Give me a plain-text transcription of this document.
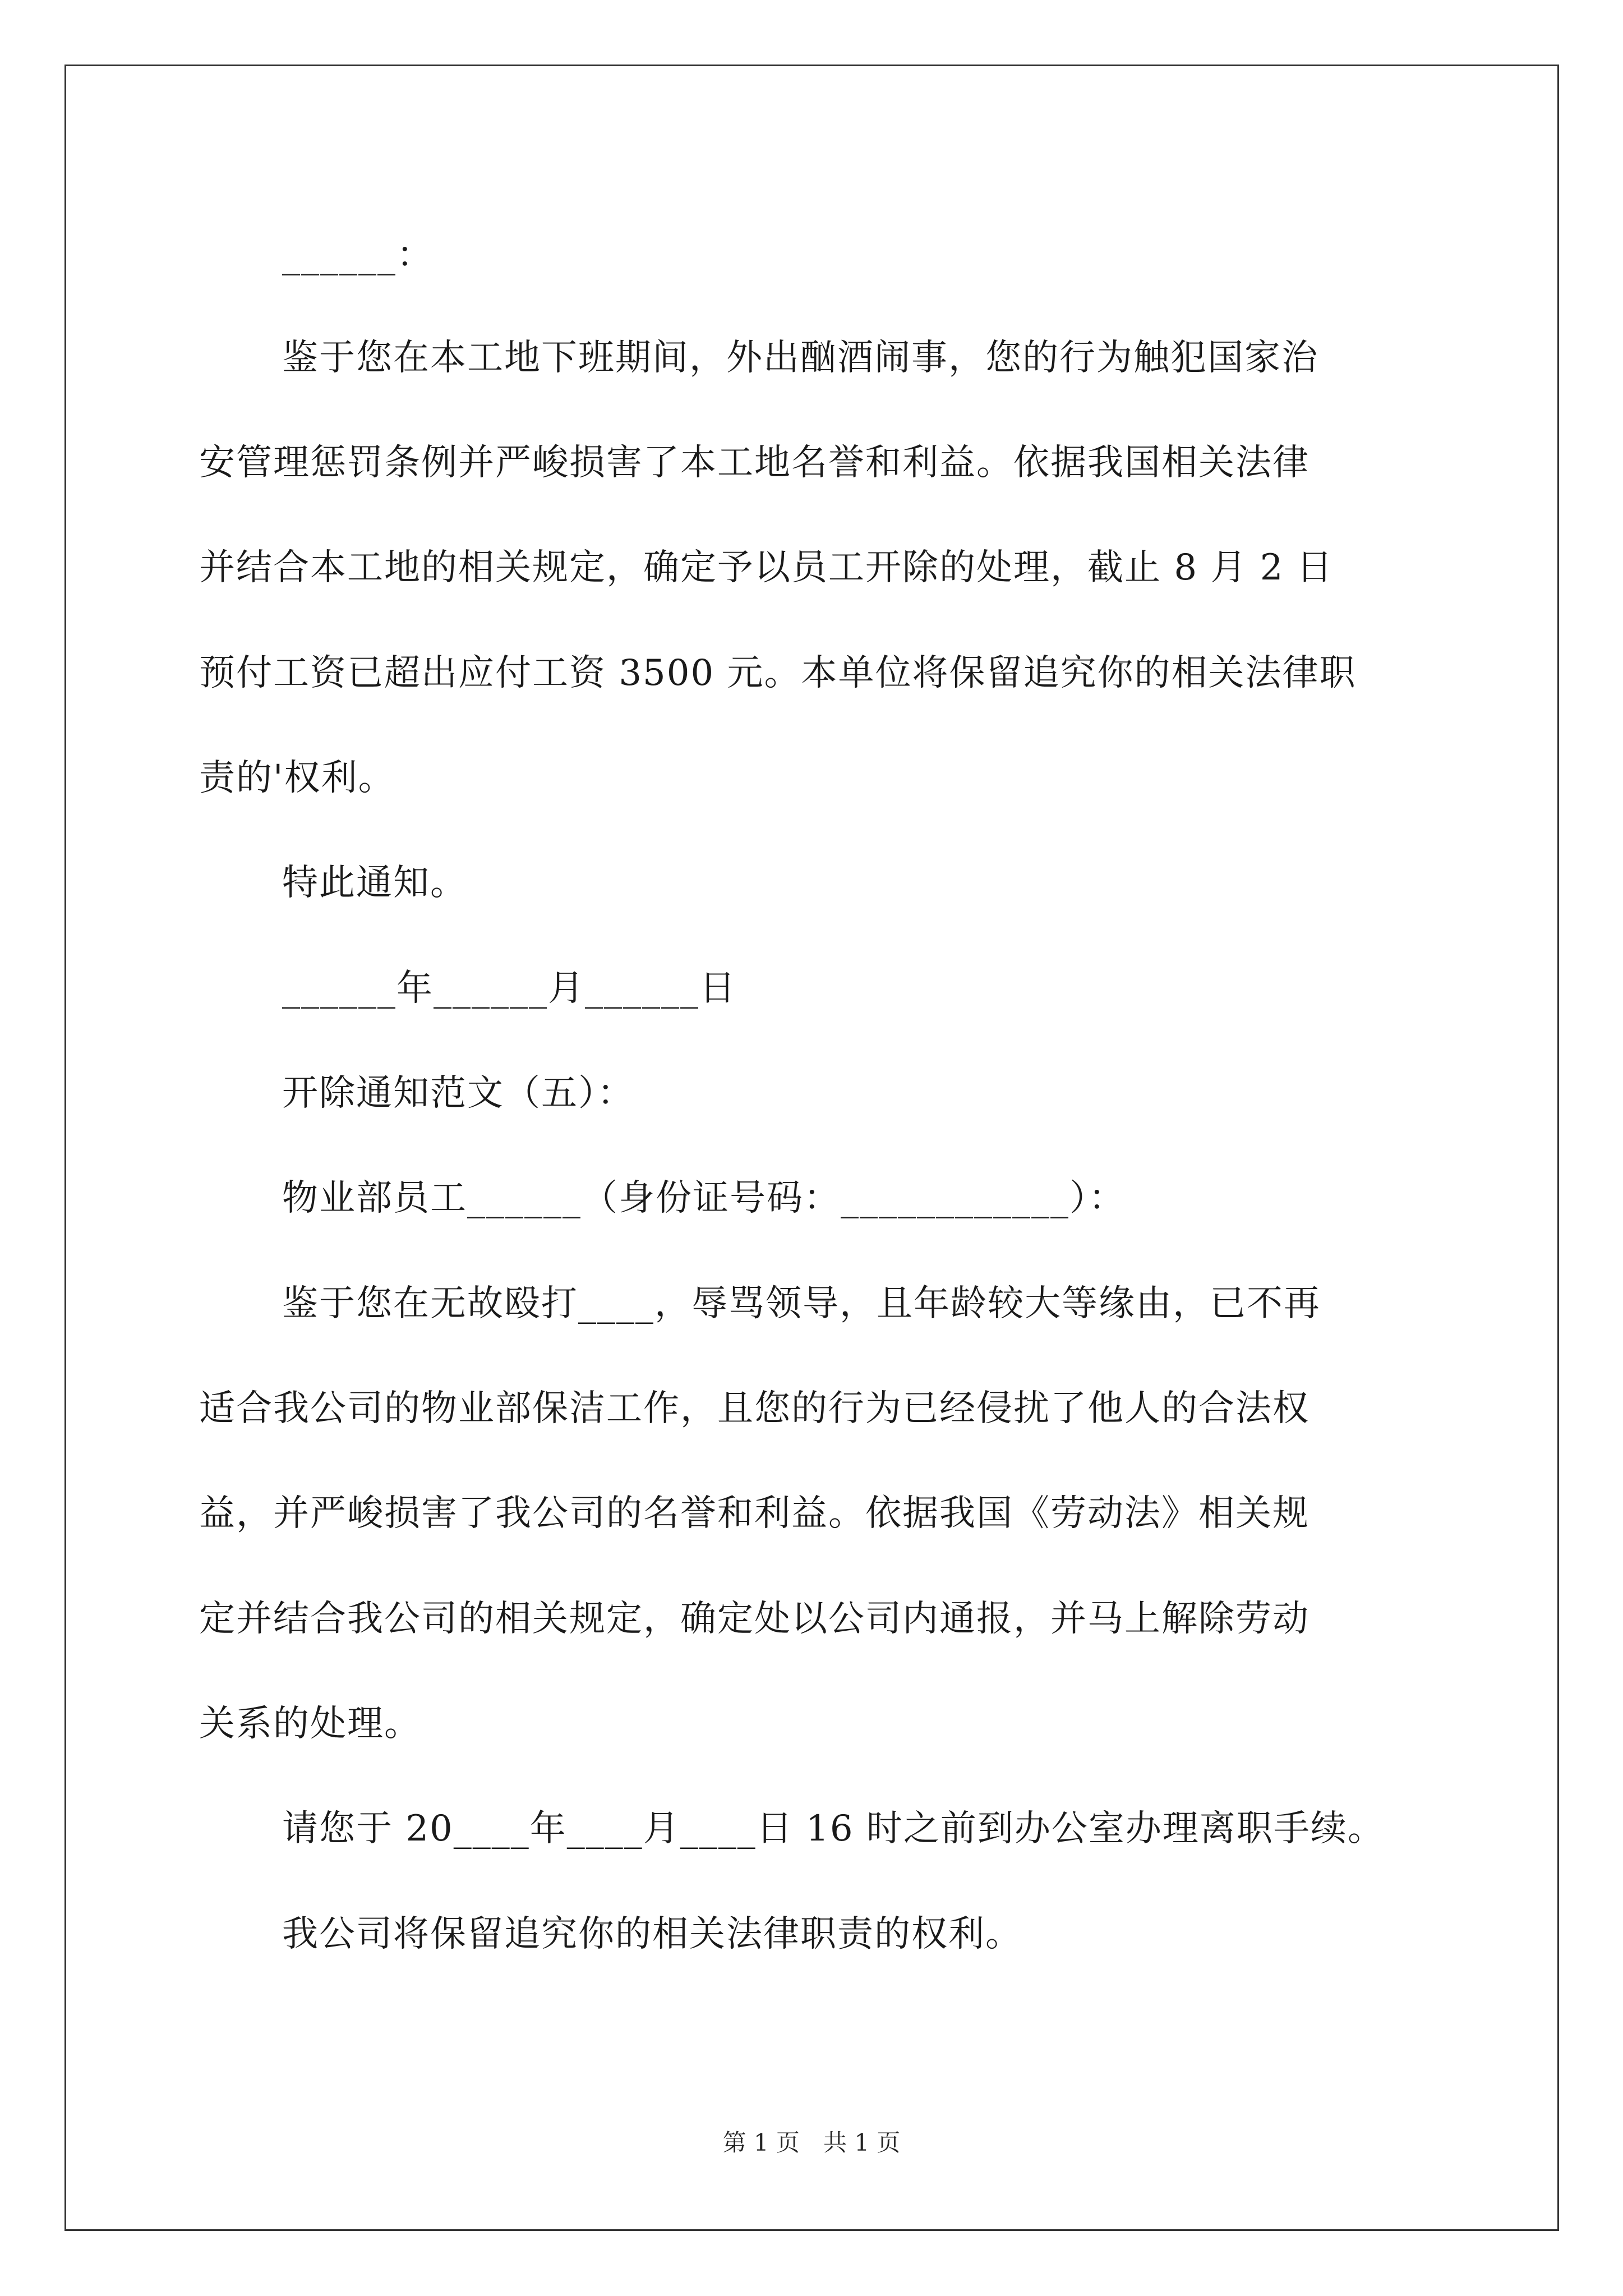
______：
鉴于您在本工地下班期间，外出酗酒闹事，您的行为触犯国家治
安管理惩罚条例并严峻损害了本工地名誉和利益。依据我国相关法律
并结合本工地的相关规定，确定予以员工开除的处理，截止 8 月 2 日
预付工资已超出应付工资 3500 元。本单位将保留追究你的相关法律职
责的'权利。
特此通知。
______年______月______日
开除通知范文（五）：
物业部员工______（身份证号码：____________）：
鉴于您在无故殴打____，辱骂领导，且年龄较大等缘由，已不再
适合我公司的物业部保洁工作，且您的行为已经侵扰了他人的合法权
益，并严峻损害了我公司的名誉和利益。依据我国《劳动法》相关规
定并结合我公司的相关规定，确定处以公司内通报，并马上解除劳动
关系的处理。
请您于 20____年____月____日 16 时之前到办公室办理离职手续。
我公司将保留追究你的相关法律职责的权利。
第 1 页　共 1 页
